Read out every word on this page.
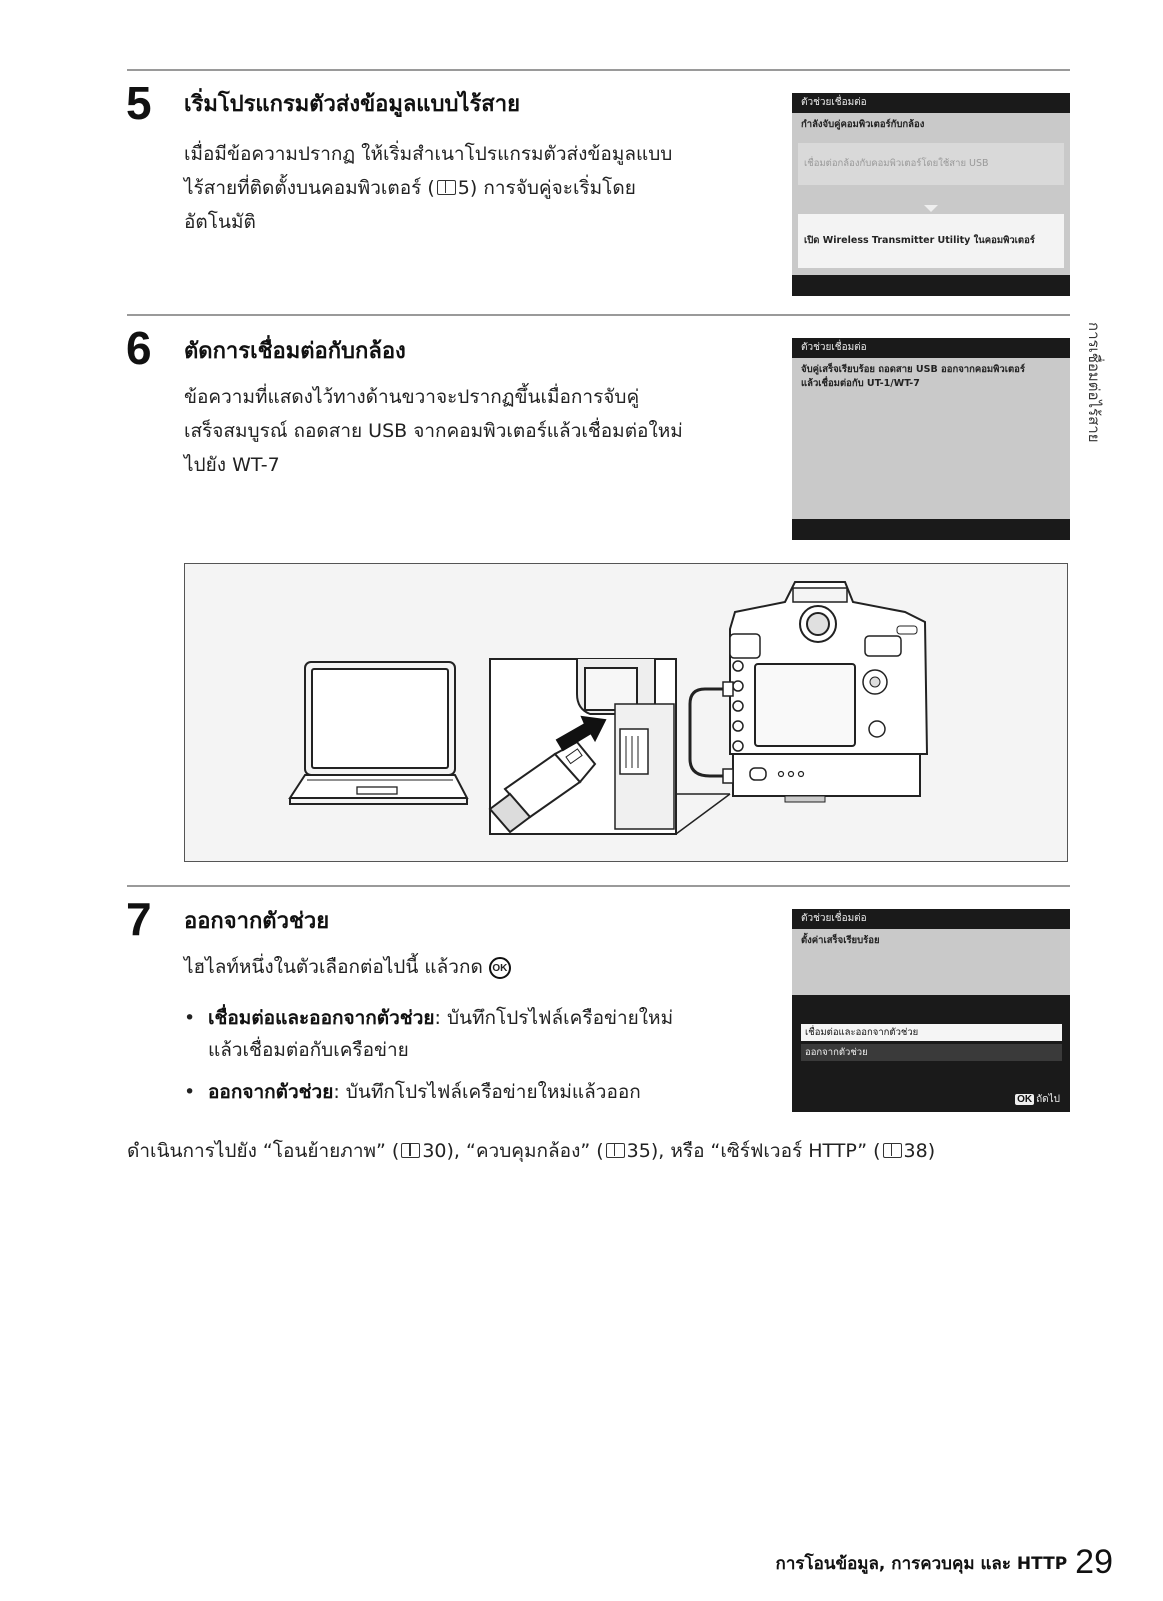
5 เริ่มโปรแกรมตัวส่งข้อมูลแบบไร้สาย
เมื่อมีข้อความปรากฏ ให้เริ่มสำเนาโปรแกรมตัวส่งข้อมูลแบบ
ไร้สายที่ติดตั้งบนคอมพิวเตอร์ ( 5) การจับคู่จะเริ่มโดย
อัตโนมัติ
ตัวช่วยเชื่อมต่อ
กำลังจับคู่คอมพิวเตอร์กับกล้อง
เชื่อมต่อกล้องกับคอมพิวเตอร์โดยใช้สาย USB
เปิด Wireless Transmitter Utility ในคอมพิวเตอร์
6 ตัดการเชื่อมต่อกับกล้อง
ข้อความที่แสดงไว้ทางด้านขวาจะปรากฏขึ้นเมื่อการจับคู่
เสร็จสมบูรณ์ ถอดสาย USB จากคอมพิวเตอร์แล้วเชื่อมต่อใหม่
ไปยัง WT-7
ตัวช่วยเชื่อมต่อ
จับคู่เสร็จเรียบร้อย ถอดสาย USB ออกจากคอมพิวเตอร์
แล้วเชื่อมต่อกับ UT-1/WT-7	การเชื่อมต่อไร้สาย
7 ออกจากตัวช่วย
ไฮไลท์หนึ่งในตัวเลือกต่อไปนี้ แล้วกด OK
• เชื่อมต่อและออกจากตัวช่วย: บันทึกโปรไฟล์เครือข่ายใหม่
แล้วเชื่อมต่อกับเครือข่าย
• ออกจากตัวช่วย: บันทึกโปรไฟล์เครือข่ายใหม่แล้วออก
ตัวช่วยเชื่อมต่อ
ตั้งค่าเสร็จเรียบร้อย
เชื่อมต่อและออกจากตัวช่วย
ออกจากตัวช่วย
OK ถัดไป
ดำเนินการไปยัง “โอนย้ายภาพ” ( 30), “ควบคุมกล้อง” ( 35), หรือ “เซิร์ฟเวอร์ HTTP” ( 38)
การโอนข้อมูล, การควบคุม และ HTTP 29
